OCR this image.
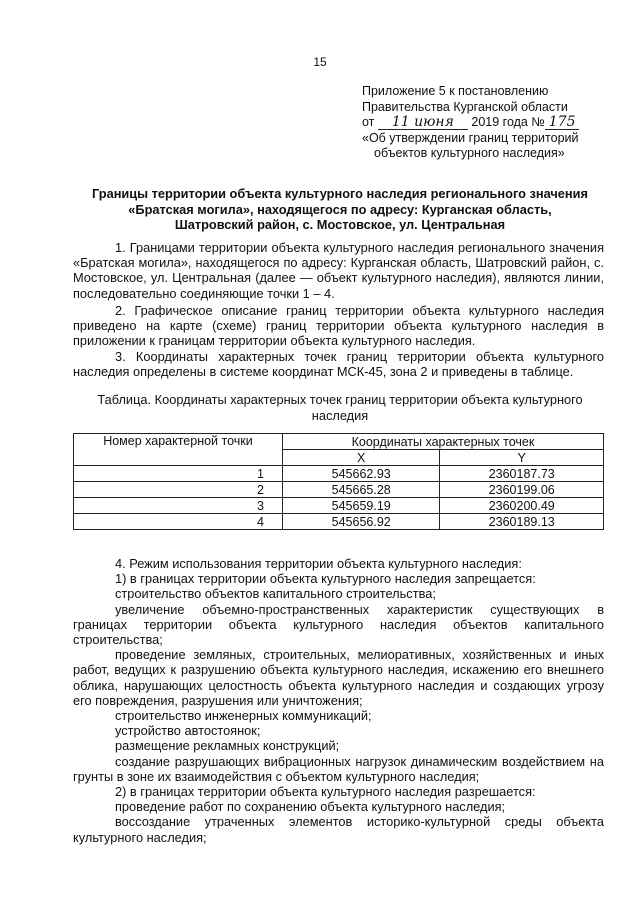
15
Приложение 5 к постановлению
Правительства Курганской области
от 11 июня 2019 года № 175
«Об утверждении границ территорий
объектов культурного наследия»
Границы территории объекта культурного наследия регионального значения «Братская могила», находящегося по адресу: Курганская область, Шатровский район, с. Мостовское, ул. Центральная

1. Границами территории объекта культурного наследия регионального значения «Братская могила», находящегося по адресу: Курганская область, Шатровский район, с. Мостовское, ул. Центральная (далее — объект культурного наследия), являются линии, последовательно соединяющие точки 1 – 4.

2. Графическое описание границ территории объекта культурного наследия приведено на карте (схеме) границ территории объекта культурного наследия в приложении к границам территории объекта культурного наследия.

3. Координаты характерных точек границ территории объекта культурного наследия определены в системе координат МСК-45, зона 2 и приведены в таблице.

Таблица. Координаты характерных точек границ территории объекта культурного наследия
Номер характерной точки	Координаты характерных точек	
	X	Y
1	545662.93	2360187.73
2	545665.28	2360199.06
3	545659.19	2360200.49
4	545656.92	2360189.13

4. Режим использования территории объекта культурного наследия:

1) в границах территории объекта культурного наследия запрещается:

строительство объектов капитального строительства;

увеличение объемно-пространственных характеристик существующих в границах территории объекта культурного наследия объектов капитального строительства;

проведение земляных, строительных, мелиоративных, хозяйственных и иных работ, ведущих к разрушению объекта культурного наследия, искажению его внешнего облика, нарушающих целостность объекта культурного наследия и создающих угрозу его повреждения, разрушения или уничтожения;

строительство инженерных коммуникаций;

устройство автостоянок;

размещение рекламных конструкций;

создание разрушающих вибрационных нагрузок динамическим воздействием на грунты в зоне их взаимодействия с объектом культурного наследия;

2) в границах территории объекта культурного наследия разрешается:

проведение работ по сохранению объекта культурного наследия;

воссоздание утраченных элементов историко-культурной среды объекта культурного наследия;
